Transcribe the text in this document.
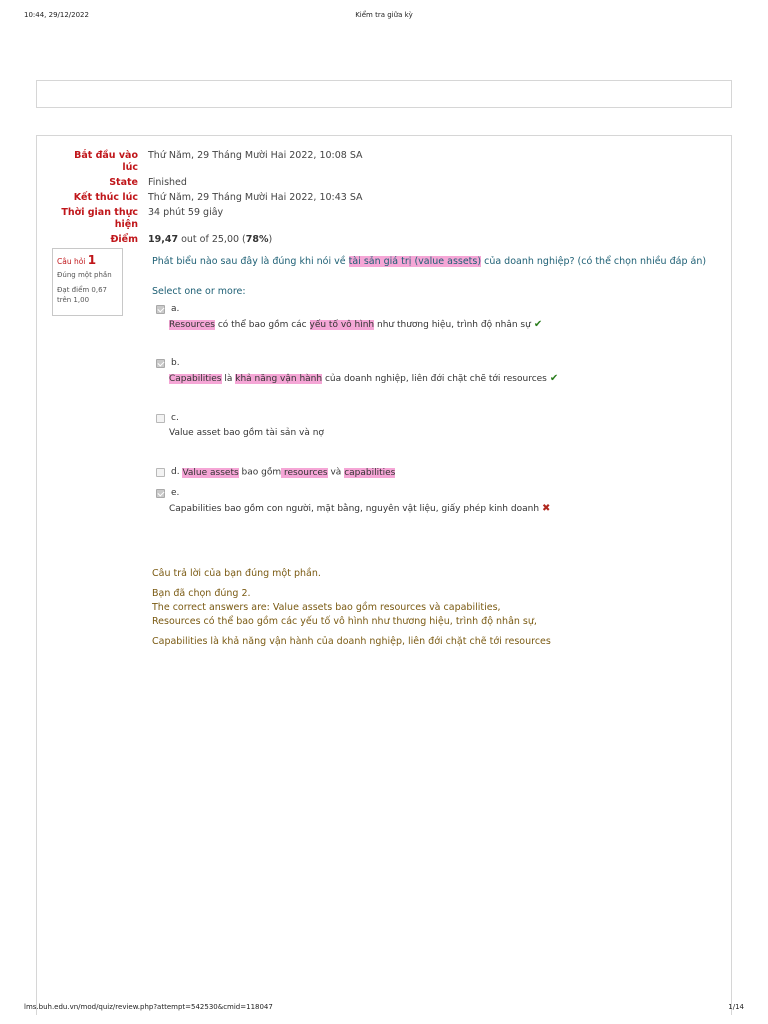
10:44, 29/12/2022	Kiểm tra giữa kỳ
Bắt đầu vào lúc
Thứ Năm, 29 Tháng Mười Hai 2022, 10:08 SA
State	Finished
Kết thúc lúc	Thứ Năm, 29 Tháng Mười Hai 2022, 10:43 SA
Thời gian thực hiện
34 phút 59 giây
Điểm	19,47 out of 25,00 (78%)
Câu hỏi 1
Đúng một phần
Đạt điểm 0,67 trên 1,00
Phát biểu nào sau đây là đúng khi nói về tài sản giá trị (value assets) của doanh nghiệp? (có thể chọn nhiều đáp án)
Select one or more:
a.
Resources có thể bao gồm các yếu tố vô hình như thương hiệu, trình độ nhân sự ✔
b.
Capabilities là khả năng vận hành của doanh nghiệp, liên đới chặt chẽ tới resources ✔
c.
Value asset bao gồm tài sản và nợ
d. Value assets bao gồm resources và capabilities
e.
Capabilities bao gồm con người, mặt bằng, nguyên vật liệu, giấy phép kinh doanh ✖
Câu trả lời của bạn đúng một phần.
Bạn đã chọn đúng 2.
The correct answers are: Value assets bao gồm resources và capabilities,
Resources có thể bao gồm các yếu tố vô hình như thương hiệu, trình độ nhân sự,
Capabilities là khả năng vận hành của doanh nghiệp, liên đới chặt chẽ tới resources
lms.buh.edu.vn/mod/quiz/review.php?attempt=542530&cmid=118047	1/14
